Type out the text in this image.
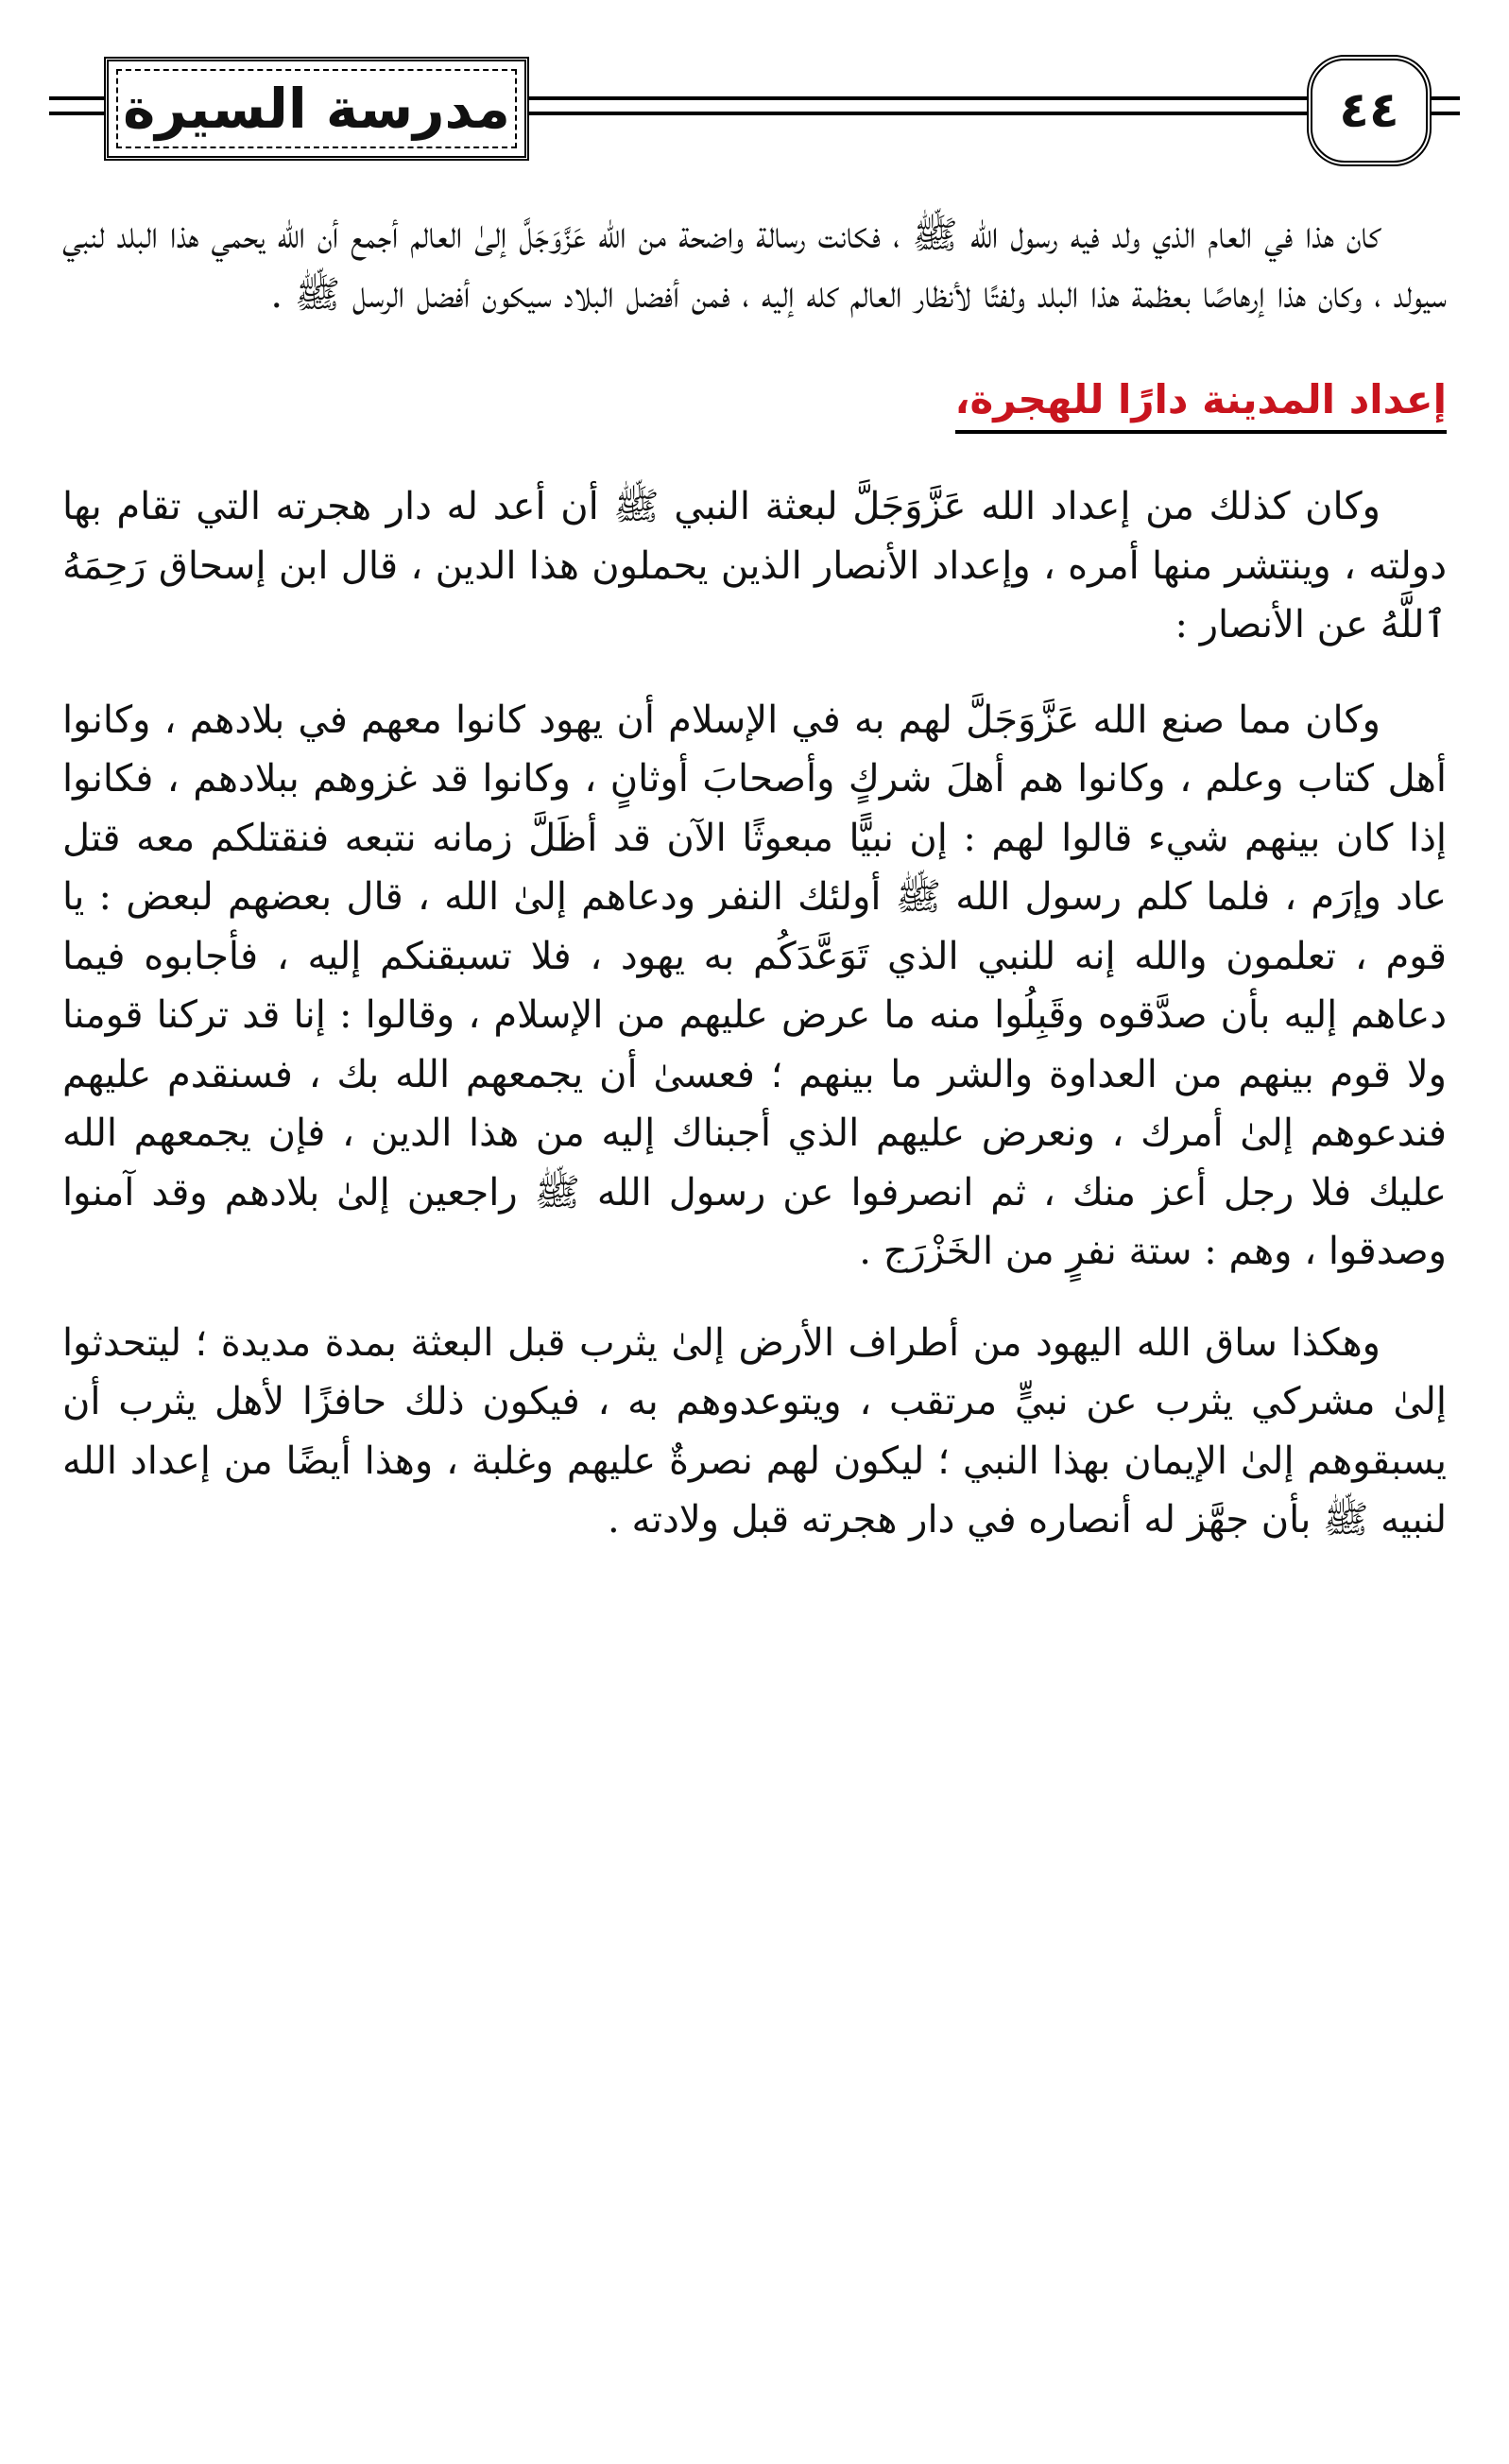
٤٤
مدرسة السيرة

كان هذا في العام الذي ولد فيه رسول الله ﷺ ، فكانت رسالة واضحة من الله عَزَّوَجَلَّ إلىٰ العالم أجمع أن الله يحمي هذا البلد لنبي سيولد ، وكان هذا إرهاصًا بعظمة هذا البلد ولفتًا لأنظار العالم كله إليه ، فمن أفضل البلاد سيكون أفضل الرسل ﷺ .

إعداد المدينة دارًا للهجرة،

وكان كذلك من إعداد الله عَزَّوَجَلَّ لبعثة النبي ﷺ أن أعد له دار هجرته التي تقام بها دولته ، وينتشر منها أمره ، وإعداد الأنصار الذين يحملون هذا الدين ، قال ابن إسحاق رَحِمَهُ ٱللَّهُ عن الأنصار :

وكان مما صنع الله عَزَّوَجَلَّ لهم به في الإسلام أن يهود كانوا معهم في بلادهم ، وكانوا أهل كتاب وعلم ، وكانوا هم أهلَ شركٍ وأصحابَ أوثانٍ ، وكانوا قد غزوهم ببلادهم ، فكانوا إذا كان بينهم شيء قالوا لهم : إن نبيًّا مبعوثًا الآن قد أظَلَّ زمانه نتبعه فنقتلكم معه قتل عاد وإرَم ، فلما كلم رسول الله ﷺ أولئك النفر ودعاهم إلىٰ الله ، قال بعضهم لبعض : يا قوم ، تعلمون والله إنه للنبي الذي تَوَعَّدَكُم به يهود ، فلا تسبقنكم إليه ، فأجابوه فيما دعاهم إليه بأن صدَّقوه وقَبِلُوا منه ما عرض عليهم من الإسلام ، وقالوا : إنا قد تركنا قومنا ولا قوم بينهم من العداوة والشر ما بينهم ؛ فعسىٰ أن يجمعهم الله بك ، فسنقدم عليهم فندعوهم إلىٰ أمرك ، ونعرض عليهم الذي أجبناك إليه من هذا الدين ، فإن يجمعهم الله عليك فلا رجل أعز منك ، ثم انصرفوا عن رسول الله ﷺ راجعين إلىٰ بلادهم وقد آمنوا وصدقوا ، وهم : ستة نفرٍ من الخَزْرَج .

وهكذا ساق الله اليهود من أطراف الأرض إلىٰ يثرب قبل البعثة بمدة مديدة ؛ ليتحدثوا إلىٰ مشركي يثرب عن نبيٍّ مرتقب ، ويتوعدوهم به ، فيكون ذلك حافزًا لأهل يثرب أن يسبقوهم إلىٰ الإيمان بهذا النبي ؛ ليكون لهم نصرةٌ عليهم وغلبة ، وهذا أيضًا من إعداد الله لنبيه ﷺ بأن جهَّز له أنصاره في دار هجرته قبل ولادته .
